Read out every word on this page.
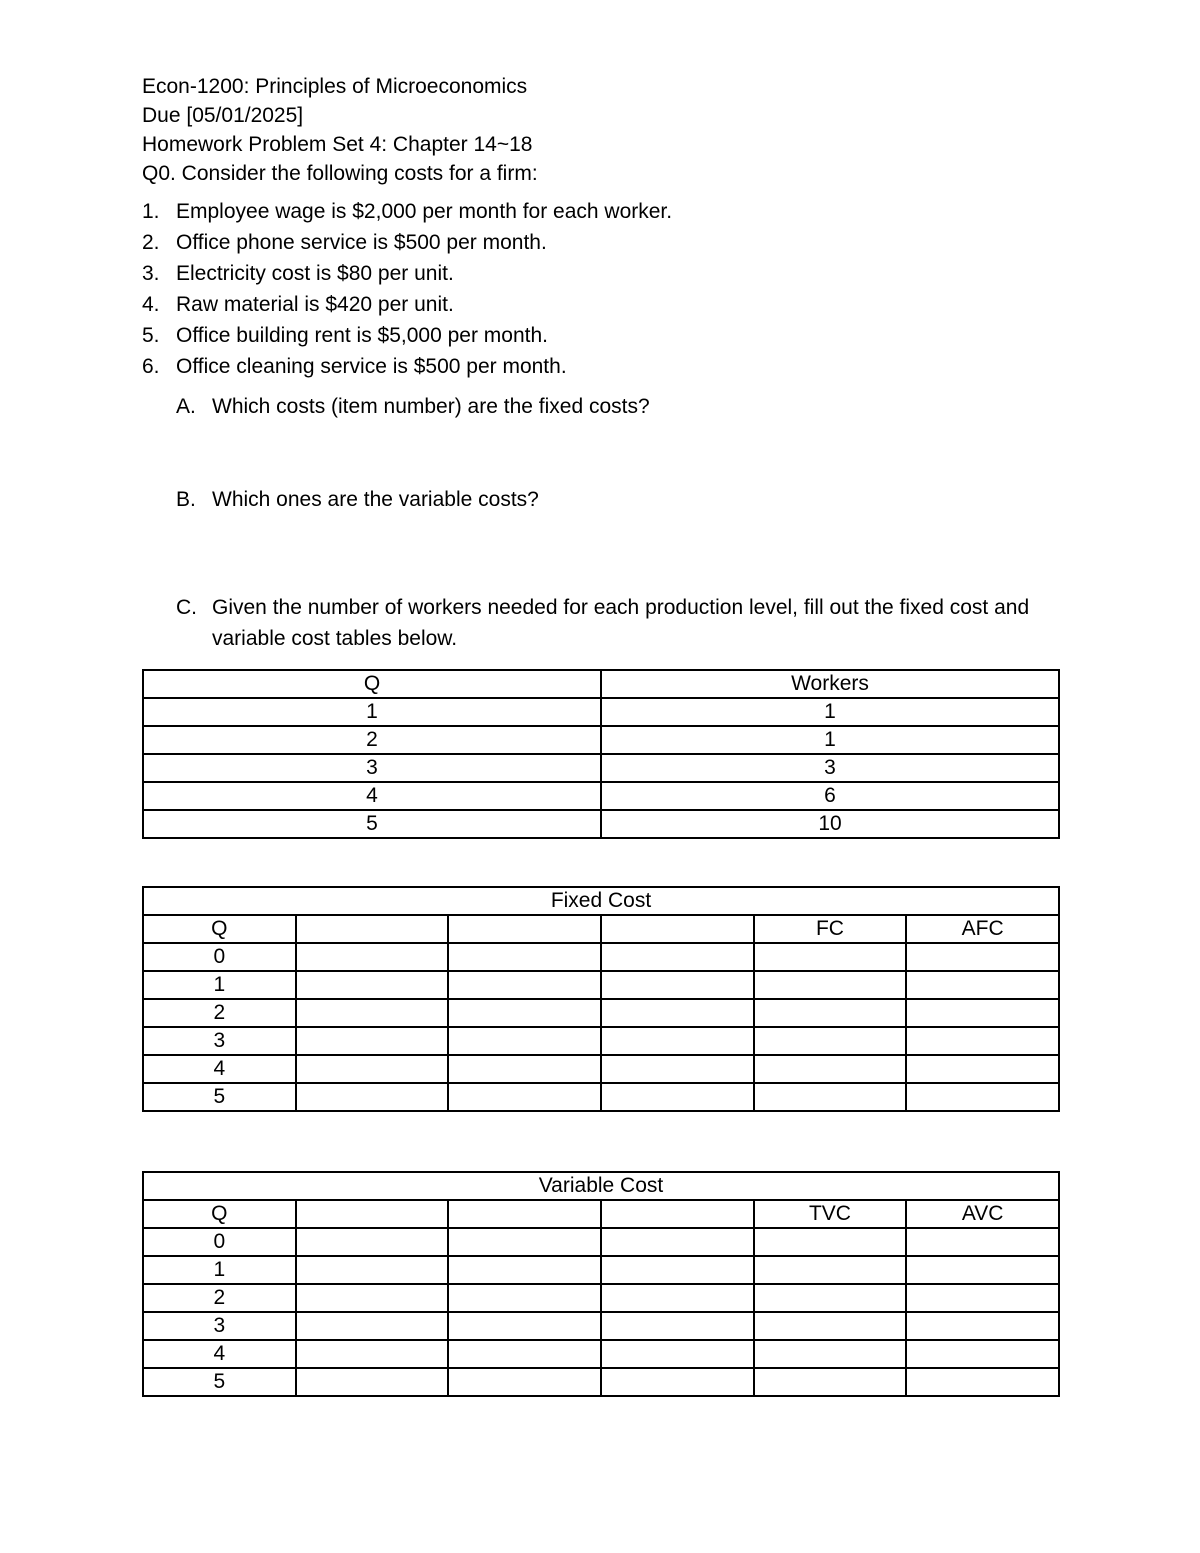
Econ-1200: Principles of Microeconomics
Due [05/01/2025]
Homework Problem Set 4: Chapter 14~18
Q0. Consider the following costs for a firm:
1. Employee wage is $2,000 per month for each worker.
2. Office phone service is $500 per month.
3. Electricity cost is $80 per unit.
4. Raw material is $420 per unit.
5. Office building rent is $5,000 per month.
6. Office cleaning service is $500 per month.
A. Which costs (item number) are the fixed costs?
B. Which ones are the variable costs?
C. Given the number of workers needed for each production level, fill out the fixed cost and
variable cost tables below.
Q	Workers
1	1
2	1
3	3
4	6
5	10
Fixed Cost					
Q				FC	AFC
0					
1					
2					
3					
4					
5					
Variable Cost					
Q				TVC	AVC
0					
1					
2					
3					
4					
5					
